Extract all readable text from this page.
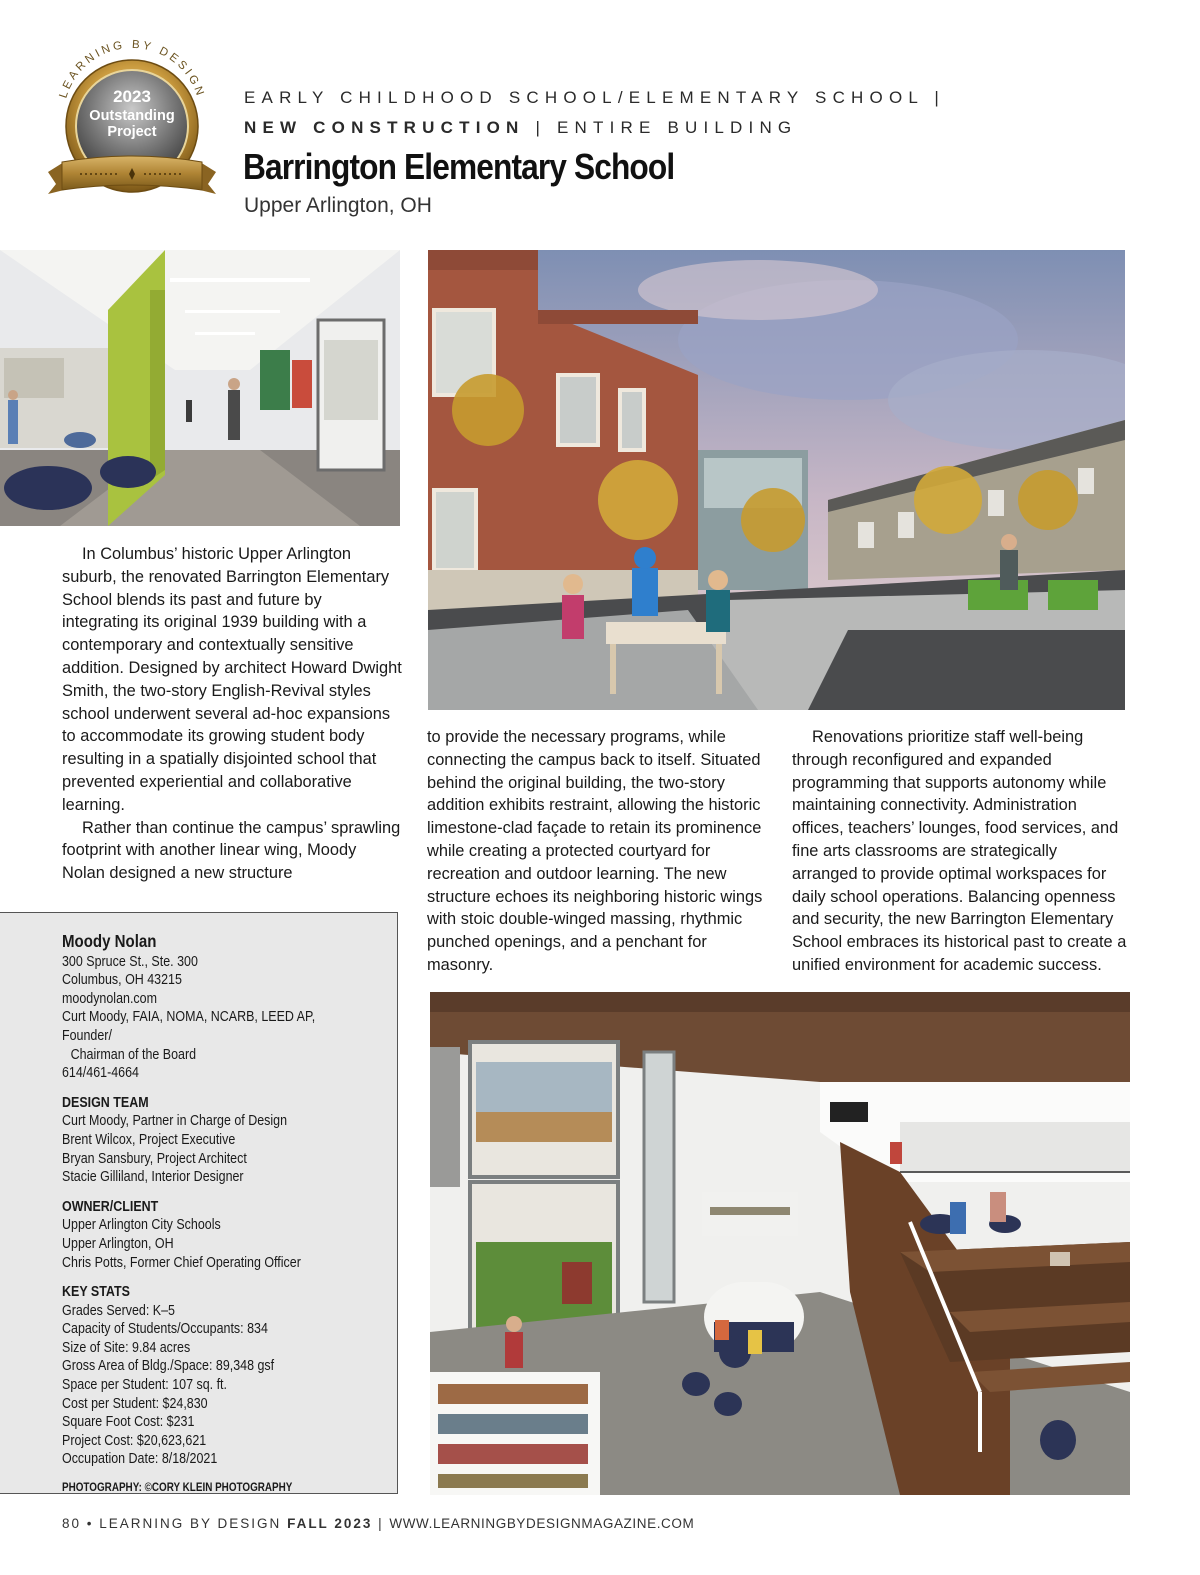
LEARNING BY DESIGN
2023
Outstanding
Project
EARLY CHILDHOOD SCHOOL/ELEMENTARY SCHOOL |
NEW CONSTRUCTION | ENTIRE BUILDING
Barrington Elementary School
Upper Arlington, OH

In Columbus’ historic Upper Arlington suburb, the renovated Barrington Elementary School blends its past and future by integrating its original 1939 building with a contemporary and contextually sensitive addition. Designed by architect Howard Dwight Smith, the two-story English-Revival styles school underwent several ad-hoc expansions to accommodate its growing student body resulting in a spatially disjointed school that prevented experiential and collaborative learning.

Rather than continue the campus’ sprawling footprint with another linear wing, Moody Nolan designed a new structure

to provide the necessary programs, while connecting the campus back to itself. Situated behind the original building, the two-story addition exhibits restraint, allowing the historic limestone-clad façade to retain its prominence while creating a protected courtyard for recreation and outdoor learning. The new structure echoes its neighboring historic wings with stoic double-winged massing, rhythmic punched openings, and a penchant for masonry.

Renovations prioritize staff well-being through reconfigured and expanded programming that supports autonomy while maintaining connectivity. Administration offices, teachers’ lounges, food services, and fine arts classrooms are strategically arranged to provide optimal workspaces for daily school operations. Balancing openness and security, the new Barrington Elementary School embraces its historical past to create a unified environment for academic success.

Moody Nolan
300 Spruce St., Ste. 300
Columbus, OH 43215
moodynolan.com
Curt Moody, FAIA, NOMA, NCARB, LEED AP, Founder/
Chairman of the Board
614/461-4664
DESIGN TEAM
Curt Moody, Partner in Charge of Design
Brent Wilcox, Project Executive
Bryan Sansbury, Project Architect
Stacie Gilliland, Interior Designer
OWNER/CLIENT
Upper Arlington City Schools
Upper Arlington, OH
Chris Potts, Former Chief Operating Officer
KEY STATS
Grades Served: K–5
Capacity of Students/Occupants: 834
Size of Site: 9.84 acres
Gross Area of Bldg./Space: 89,348 gsf
Space per Student: 107 sq. ft.
Cost per Student: $24,830
Square Foot Cost: $231
Project Cost: $20,623,621
Occupation Date: 8/18/2021
PHOTOGRAPHY: ©CORY KLEIN PHOTOGRAPHY
80 • LEARNING BY DESIGN FALL 2023 | WWW.LEARNINGBYDESIGNMAGAZINE.COM
